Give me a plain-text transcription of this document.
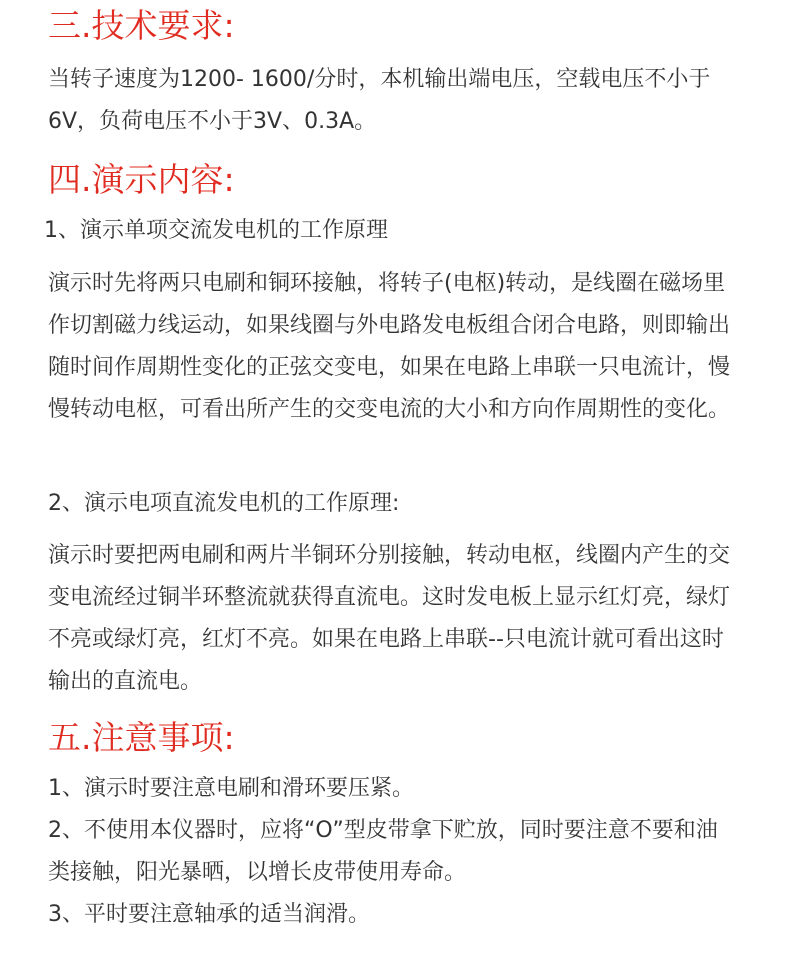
三.技术要求:

当转子速度为1200- 1600/分时，本机输出端电压，空载电压不小于6V，负荷电压不小于3V、0.3A。

四.演示内容:

1、演示单项交流发电机的工作原理

演示时先将两只电刷和铜环接触，将转子(电枢)转动，是线圈在磁场里作切割磁力线运动，如果线圈与外电路发电板组合闭合电路，则即输出随时间作周期性变化的正弦交变电，如果在电路上串联一只电流计，慢慢转动电枢，可看出所产生的交变电流的大小和方向作周期性的变化。

2、演示电项直流发电机的工作原理:

演示时要把两电刷和两片半铜环分别接触，转动电枢，线圈内产生的交变电流经过铜半环整流就获得直流电。这时发电板上显示红灯亮，绿灯不亮或绿灯亮，红灯不亮。如果在电路上串联--只电流计就可看出这时输出的直流电。

五.注意事项:

1、演示时要注意电刷和滑环要压紧。

2、不使用本仪器时，应将“O”型皮带拿下贮放，同时要注意不要和油类接触，阳光暴晒，以增长皮带使用寿命。

3、平时要注意轴承的适当润滑。
